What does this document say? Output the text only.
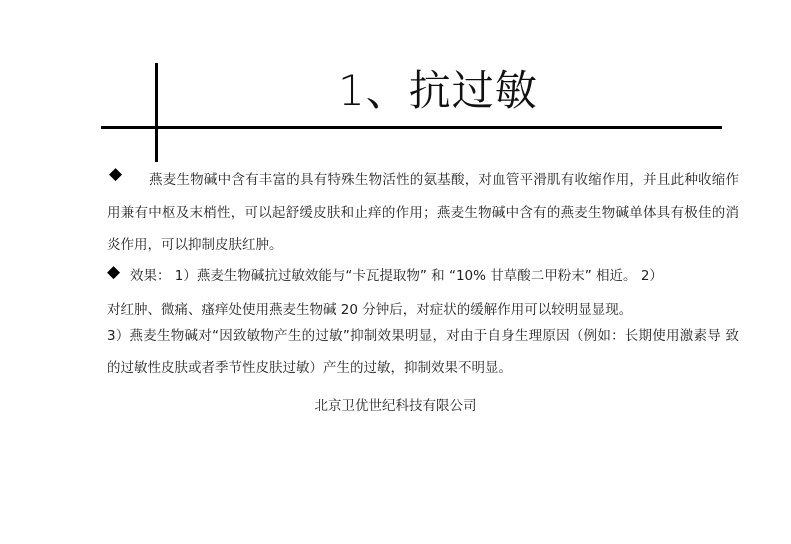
1、抗过敏
◆	燕麦生物碱中含有丰富的具有特殊生物活性的氨基酸，对血管平滑肌有收缩作用，并且此种收缩作用兼有中枢及末梢性，可以起舒缓皮肤和止痒的作用；燕麦生物碱中含有的燕麦生物碱单体具有极佳的消炎作用，可以抑制皮肤红肿。
◆ 效果： 1）燕麦生物碱抗过敏效能与“卡瓦提取物” 和 “10% 甘草酸二甲粉末” 相近。 2）
对红肿、微痛、瘙痒处使用燕麦生物碱 20 分钟后，对症状的缓解作用可以较明显显现。
3）燕麦生物碱对“因致敏物产生的过敏”抑制效果明显，对由于自身生理原因（例如：长期使用激素导 致的过敏性皮肤或者季节性皮肤过敏）产生的过敏，抑制效果不明显。
北京卫优世纪科技有限公司
